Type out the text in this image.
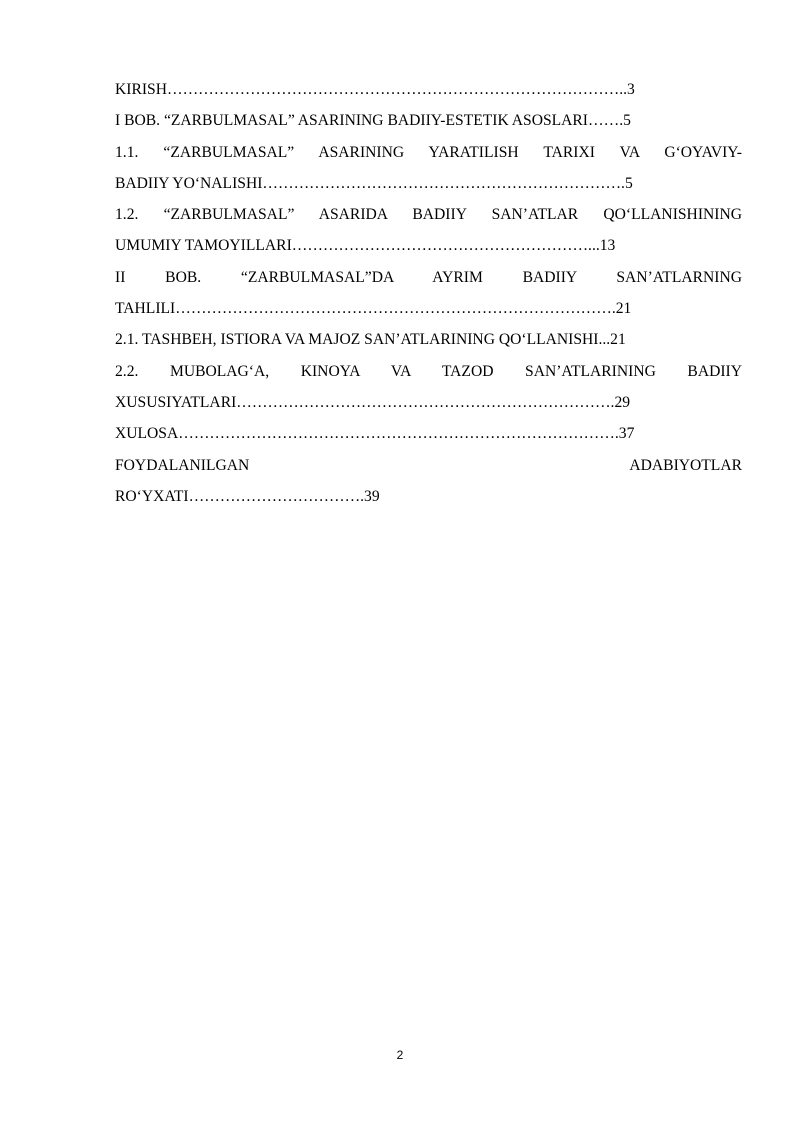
KIRISH……………………………………………………………………………..3
I BOB. “ZARBULMASAL” ASARINING BADIIY-ESTETIK ASOSLARI…….5
1.1. “ZARBULMASAL” ASARINING YARATILISH TARIXI VA G‘OYAVIY-
BADIIY YO‘NALISHI…………………………………………………………….5
1.2. “ZARBULMASAL” ASARIDA BADIIY SAN’ATLAR QO‘LLANISHINING
UMUMIY TAMOYILLARI…………………………………………………...13
II BOB. “ZARBULMASAL”DA AYRIM BADIIY SAN’ATLARNING
TAHLILI………………………………………………………………………….21
2.1. TASHBEH, ISTIORA VA MAJOZ SAN’ATLARINING QO‘LLANISHI...21
2.2. MUBOLAG‘A, KINOYA VA TAZOD SAN’ATLARINING BADIIY
XUSUSIYATLARI……………………………………………………………….29
XULOSA………………………………………………………………………….37
FOYDALANILGAN ADABIYOTLAR
RO‘YXATI…………………………….39
2
